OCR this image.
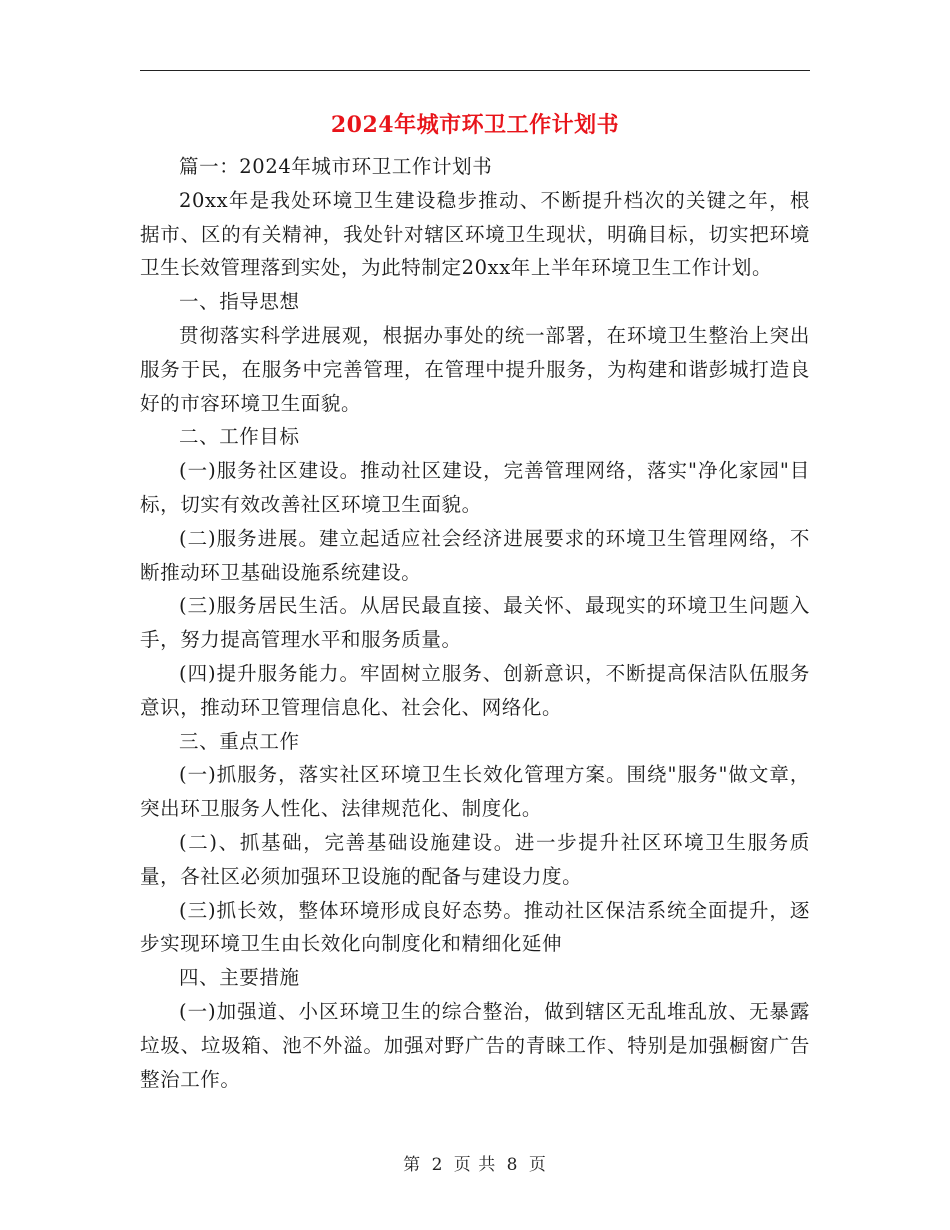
2024年城市环卫工作计划书

篇一：2024年城市环卫工作计划书

20xx年是我处环境卫生建设稳步推动、不断提升档次的关键之年，根据市、区的有关精神，我处针对辖区环境卫生现状，明确目标，切实把环境卫生长效管理落到实处，为此特制定20xx年上半年环境卫生工作计划。

一、指导思想

贯彻落实科学进展观，根据办事处的统一部署，在环境卫生整治上突出服务于民，在服务中完善管理，在管理中提升服务，为构建和谐彭城打造良好的市容环境卫生面貌。

二、工作目标

(一)服务社区建设。推动社区建设，完善管理网络，落实"净化家园"目标，切实有效改善社区环境卫生面貌。

(二)服务进展。建立起适应社会经济进展要求的环境卫生管理网络，不断推动环卫基础设施系统建设。

(三)服务居民生活。从居民最直接、最关怀、最现实的环境卫生问题入手，努力提高管理水平和服务质量。

(四)提升服务能力。牢固树立服务、创新意识，不断提高保洁队伍服务意识，推动环卫管理信息化、社会化、网络化。

三、重点工作

(一)抓服务，落实社区环境卫生长效化管理方案。围绕"服务"做文章，突出环卫服务人性化、法律规范化、制度化。

(二)、抓基础，完善基础设施建设。进一步提升社区环境卫生服务质量，各社区必须加强环卫设施的配备与建设力度。

(三)抓长效，整体环境形成良好态势。推动社区保洁系统全面提升，逐步实现环境卫生由长效化向制度化和精细化延伸

四、主要措施

(一)加强道、小区环境卫生的综合整治，做到辖区无乱堆乱放、无暴露垃圾、垃圾箱、池不外溢。加强对野广告的青睐工作、特别是加强橱窗广告整治工作。

第 2 页 共 8 页
